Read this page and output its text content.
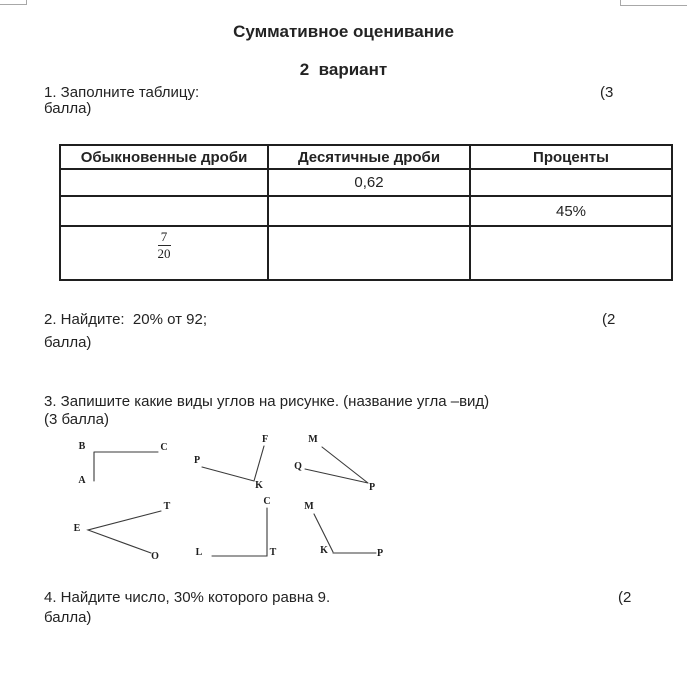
Суммативное оценивание
2  вариант
1. Заполните таблицу:	(3
балла)
Обыкновенные дроби	Десятичные дроби	Проценты
	0,62	
		45%

$\frac{7}{20}$

2. Найдите:  20% от 92;	(2
балла)
3. Запишите какие виды углов на рисунке. (название угла –вид)
(3 балла)
B	C
A
P
F
K
M
Q
P
E
T
O
C
L	T
M
K	P
4. Найдите число, 30% которого равна 9.	(2
балла)
